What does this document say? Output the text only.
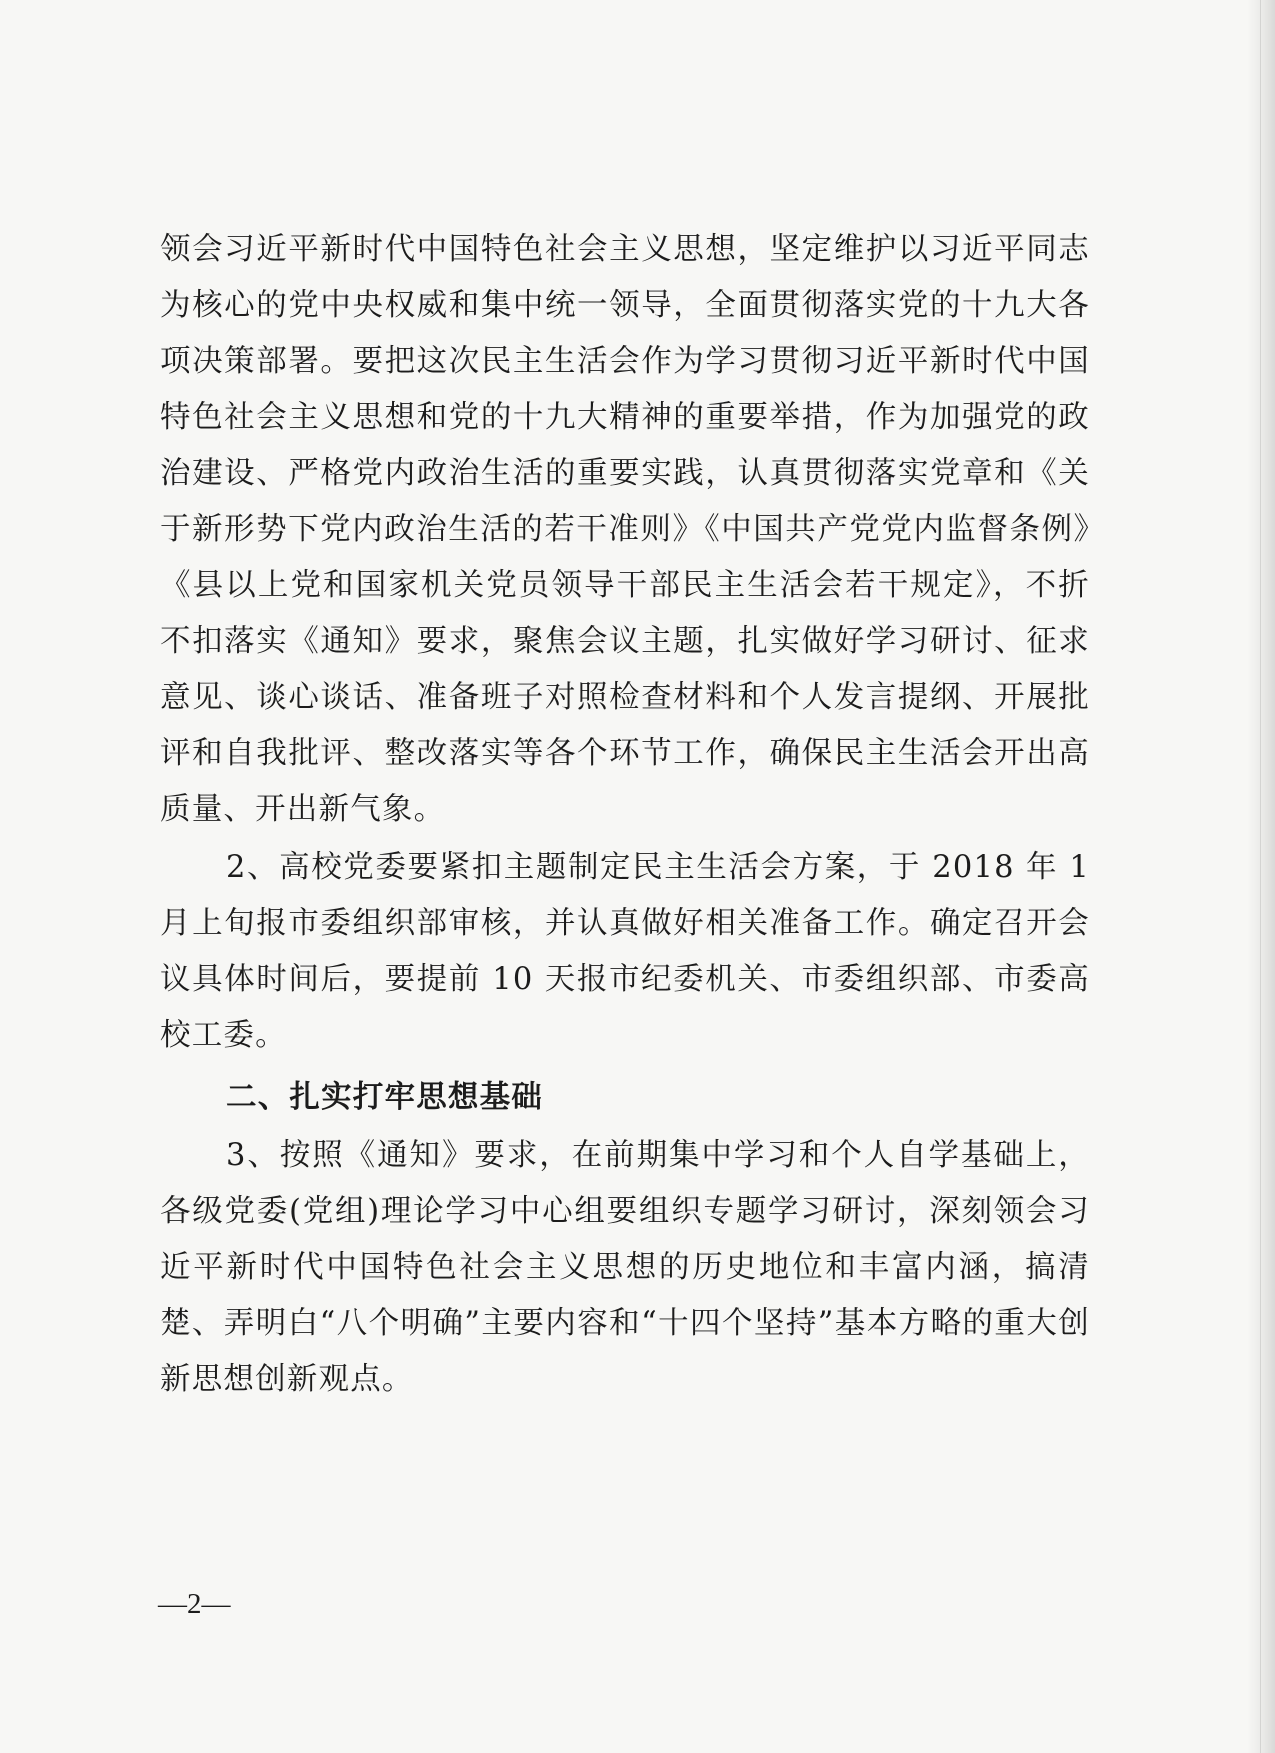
领会习近平新时代中国特色社会主义思想，坚定维护以习近平同志为核心的党中央权威和集中统一领导，全面贯彻落实党的十九大各项决策部署。要把这次民主生活会作为学习贯彻习近平新时代中国特色社会主义思想和党的十九大精神的重要举措，作为加强党的政治建设、严格党内政治生活的重要实践，认真贯彻落实党章和《关于新形势下党内政治生活的若干准则》《中国共产党党内监督条例》《县以上党和国家机关党员领导干部民主生活会若干规定》，不折不扣落实《通知》要求，聚焦会议主题，扎实做好学习研讨、征求意见、谈心谈话、准备班子对照检查材料和个人发言提纲、开展批评和自我批评、整改落实等各个环节工作，确保民主生活会开出高质量、开出新气象。

2、高校党委要紧扣主题制定民主生活会方案，于 2018 年 1 月上旬报市委组织部审核，并认真做好相关准备工作。确定召开会议具体时间后，要提前 10 天报市纪委机关、市委组织部、市委高校工委。

二、扎实打牢思想基础

3、按照《通知》要求，在前期集中学习和个人自学基础上，各级党委(党组)理论学习中心组要组织专题学习研讨，深刻领会习近平新时代中国特色社会主义思想的历史地位和丰富内涵，搞清楚、弄明白“八个明确”主要内容和“十四个坚持”基本方略的重大创新思想创新观点。

—2—
